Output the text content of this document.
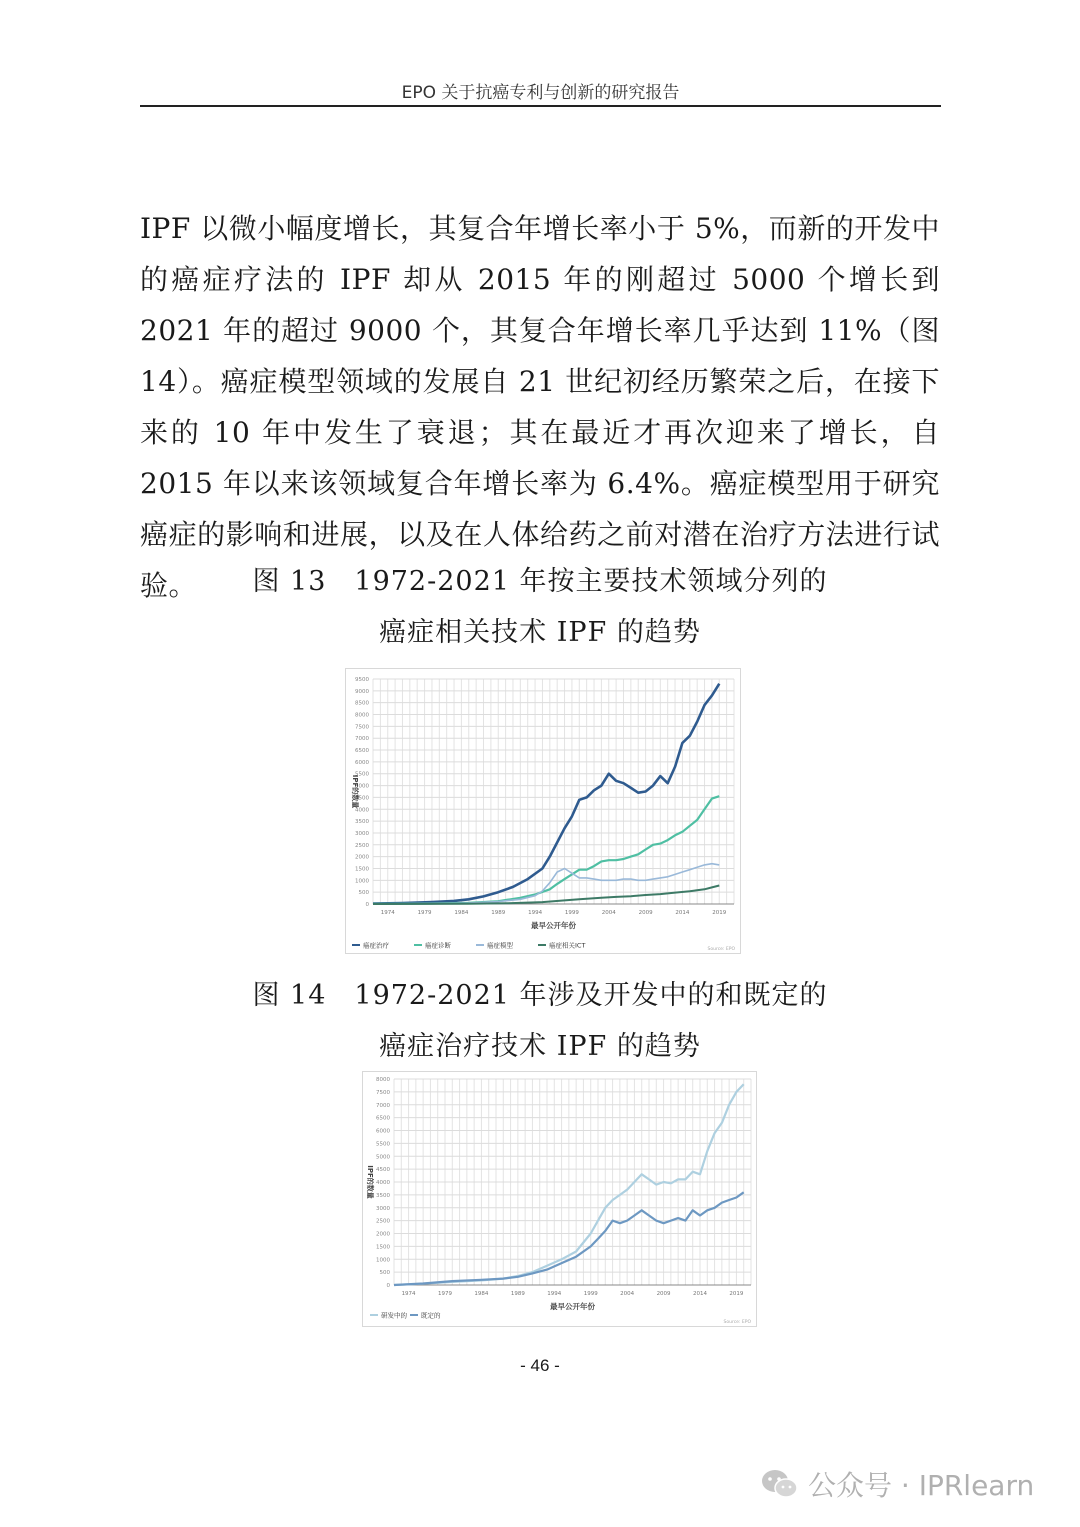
EPO 关于抗癌专利与创新的研究报告
IPF 以微小幅度增长，其复合年增长率小于 5%，而新的开发中的癌症疗法的 IPF 却从 2015 年的刚超过 5000 个增长到 2021 年的超过 9000 个，其复合年增长率几乎达到 11%（图 14）。癌症模型领域的发展自 21 世纪初经历繁荣之后，在接下来的 10 年中发生了衰退；其在最近才再次迎来了增长，自 2015 年以来该领域复合年增长率为 6.4%。癌症模型用于研究癌症的影响和进展，以及在人体给药之前对潜在治疗方法进行试验。	图 13　1972-2021 年按主要技术领域分列的
癌症相关技术 IPF 的趋势
0
500
1000
1500
2000
2500
3000
3500
4000
4500
5000
5500
6000
6500
7000
7500
8000
8500
9000
9500
1974	1979	1984	1989	1994	1999	2004	2009	2014	2019
最早公开年份
IPF的数量
癌症治疗	癌症诊断	癌症模型	癌症相关ICT	Source: EPO
图 14　1972-2021 年涉及开发中的和既定的
癌症治疗技术 IPF 的趋势
0
500
1000
1500
2000
2500
3000
3500
4000
4500
5000
5500
6000
6500
7000
7500
8000
1974	1979	1984	1989	1994	1999	2004	2009	2014	2019
最早公开年份
IPF的数量
研发中的 既定的
Source: EPO
- 46 -
公众号 · IPRlearn
